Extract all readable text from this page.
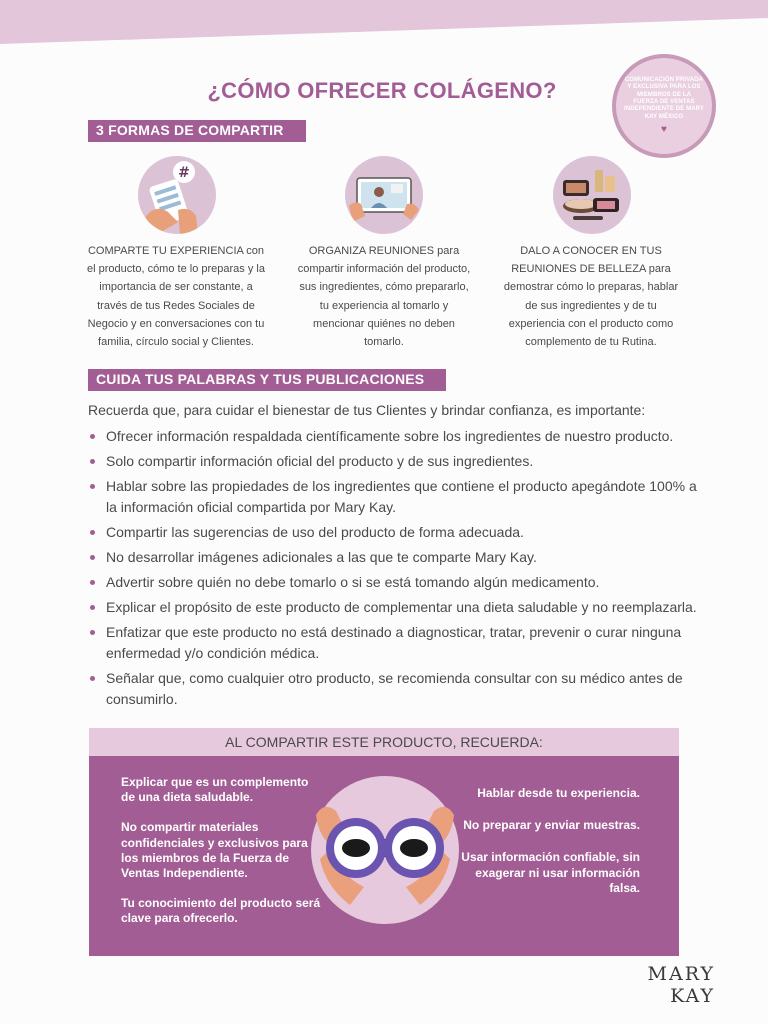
¿CÓMO OFRECER COLÁGENO?	COMUNICACIÓN PRIVADA Y EXCLUSIVA PARA LOS MIEMBROS DE LA FUERZA DE VENTAS INDEPENDIENTE DE MARY KAY MÉXICO
♥
3 FORMAS DE COMPARTIR
#
COMPARTE TU EXPERIENCIA con el producto, cómo te lo preparas y la importancia de ser constante, a través de tus Redes Sociales de Negocio y en conversaciones con tu familia, círculo social y Clientes.
ORGANIZA REUNIONES para compartir información del producto, sus ingredientes, cómo prepararlo, tu experiencia al tomarlo y mencionar quiénes no deben tomarlo.
DALO A CONOCER EN TUS REUNIONES DE BELLEZA para demostrar cómo lo preparas, hablar de sus ingredientes y de tu experiencia con el producto como complemento de tu Rutina.
CUIDA TUS PALABRAS Y TUS PUBLICACIONES
Recuerda que, para cuidar el bienestar de tus Clientes y brindar confianza, es importante:
Ofrecer información respaldada científicamente sobre los ingredientes de nuestro producto.
Solo compartir información oficial del producto y de sus ingredientes.
Hablar sobre las propiedades de los ingredientes que contiene el producto apegándote 100% a la información oficial compartida por Mary Kay.
Compartir las sugerencias de uso del producto de forma adecuada.
No desarrollar imágenes adicionales a las que te comparte Mary Kay.
Advertir sobre quién no debe tomarlo o si se está tomando algún medicamento.
Explicar el propósito de este producto de complementar una dieta saludable y no reemplazarla.
Enfatizar que este producto no está destinado a diagnosticar, tratar, prevenir o curar ninguna enfermedad y/o condición médica.
Señalar que, como cualquier otro producto, se recomienda consultar con su médico antes de consumirlo.
AL COMPARTIR ESTE PRODUCTO, RECUERDA:

Explicar que es un complemento de una dieta saludable.

No compartir materiales confidenciales y exclusivos para los miembros de la Fuerza de Ventas Independiente.

Tu conocimiento del producto será clave para ofrecerlo.

Hablar desde tu experiencia.

No preparar y enviar muestras.

Usar información confiable, sin exagerar ni usar información falsa.

MARY KAY
